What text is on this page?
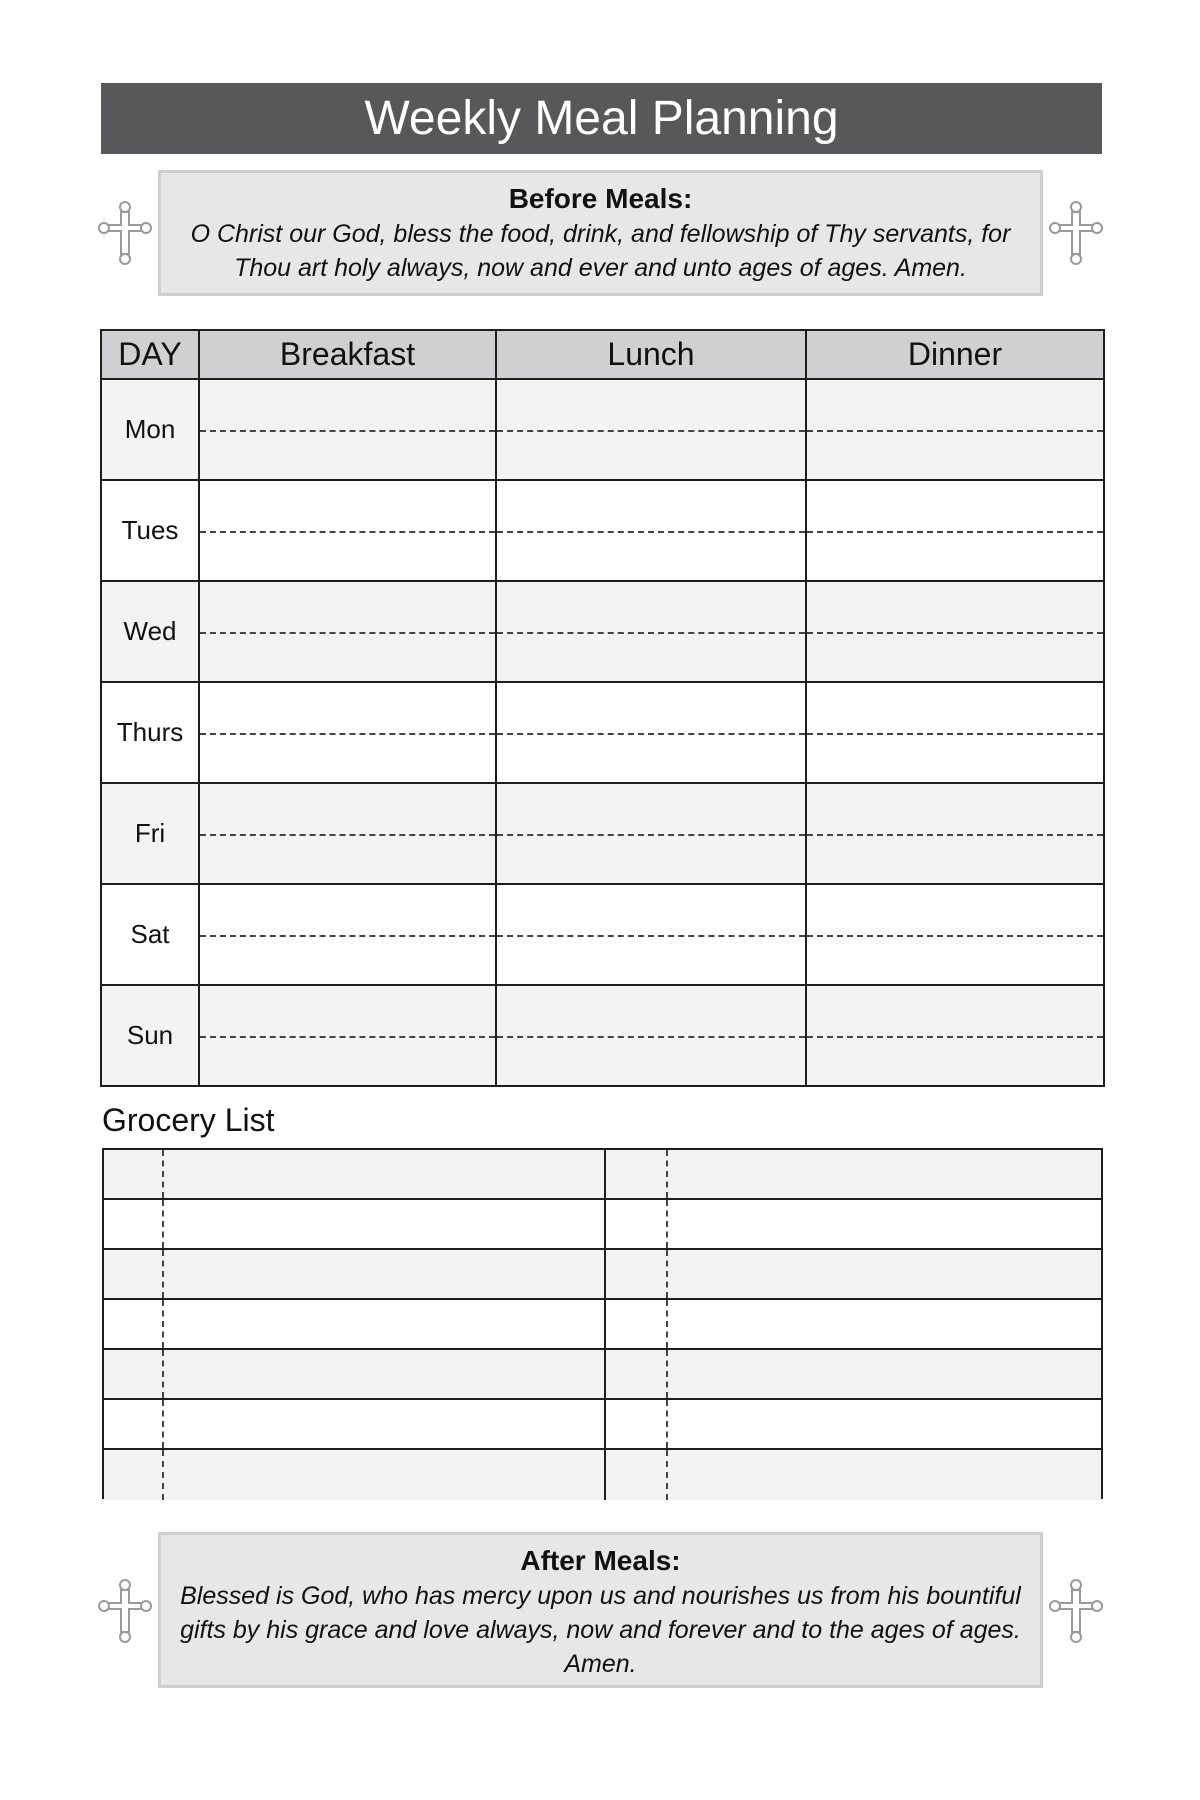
Weekly Meal Planning
Before Meals:
O Christ our God, bless the food, drink, and fellowship of Thy servants, for Thou art holy always, now and ever and unto ages of ages. Amen.
DAY	Breakfast	Lunch	Dinner
Mon			
Tues			
Wed			
Thurs			
Fri			
Sat			
Sun			
Grocery List
After Meals:
Blessed is God, who has mercy upon us and nourishes us from his bountiful gifts by his grace and love always, now and forever and to the ages of ages. Amen.
